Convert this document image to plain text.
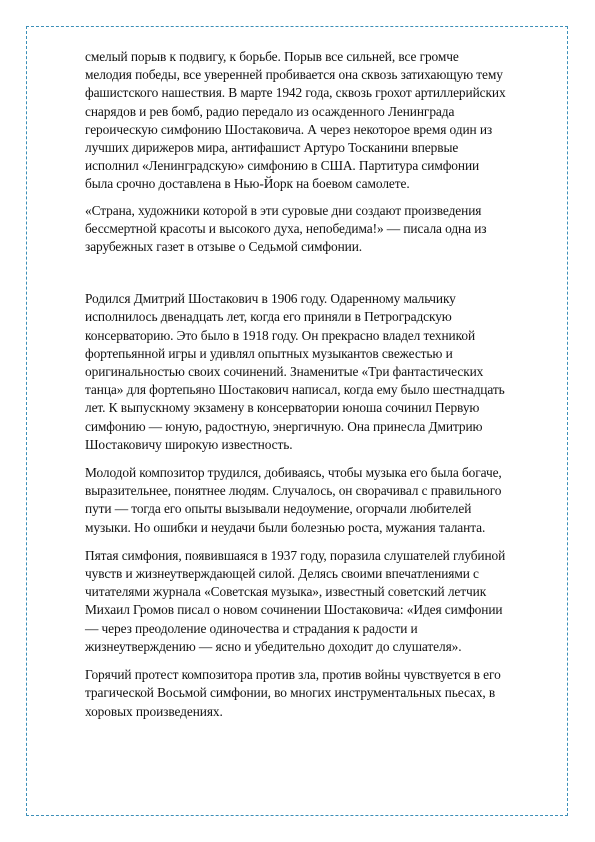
смелый порыв к подвигу, к борьбе. Порыв все сильней, все громче мелодия победы, все уверенней пробивается она сквозь затихающую тему фашистского нашествия. В марте 1942 года, сквозь грохот артиллерийских снарядов и рев бомб, радио передало из осажденного Ленинграда героическую симфонию Шостаковича. А через некоторое время один из лучших дирижеров мира, антифашист Артуро Тосканини впервые исполнил «Ленинградскую» симфонию в США. Партитура симфонии была срочно доставлена в Нью-Йорк на боевом самолете.

«Страна, художники которой в эти суровые дни создают произведения бессмертной красоты и высокого духа, непобедима!» — писала одна из зарубежных газет в отзыве о Седьмой симфонии.

Родился Дмитрий Шостакович в 1906 году. Одаренному мальчику исполнилось двенадцать лет, когда его приняли в Петроградскую консерваторию. Это было в 1918 году. Он прекрасно владел техникой фортепьянной игры и удивлял опытных музыкантов свежестью и оригинальностью своих сочинений. Знаменитые «Три фантастических танца» для фортепьяно Шостакович написал, когда ему было шестнадцать лет. К выпускному экзамену в консерватории юноша сочинил Первую симфонию — юную, радостную, энергичную. Она принесла Дмитрию Шостаковичу широкую известность.

Молодой композитор трудился, добиваясь, чтобы музыка его была богаче, выразительнее, понятнее людям. Случалось, он сворачивал с правильного пути — тогда его опыты вызывали недоумение, огорчали любителей музыки. Но ошибки и неудачи были болезнью роста, мужания таланта.

Пятая симфония, появившаяся в 1937 году, поразила слушателей глубиной чувств и жизнеутверждающей силой. Делясь своими впечатлениями с читателями журнала «Советская музыка», известный советский летчик Михаил Громов писал о новом сочинении Шостаковича: «Идея симфонии — через преодоление одиночества и страдания к радости и жизнеутверждению — ясно и убедительно доходит до слушателя».

Горячий протест композитора против зла, против войны чувствуется в его трагической Восьмой симфонии, во многих инструментальных пьесах, в хоровых произведениях.
